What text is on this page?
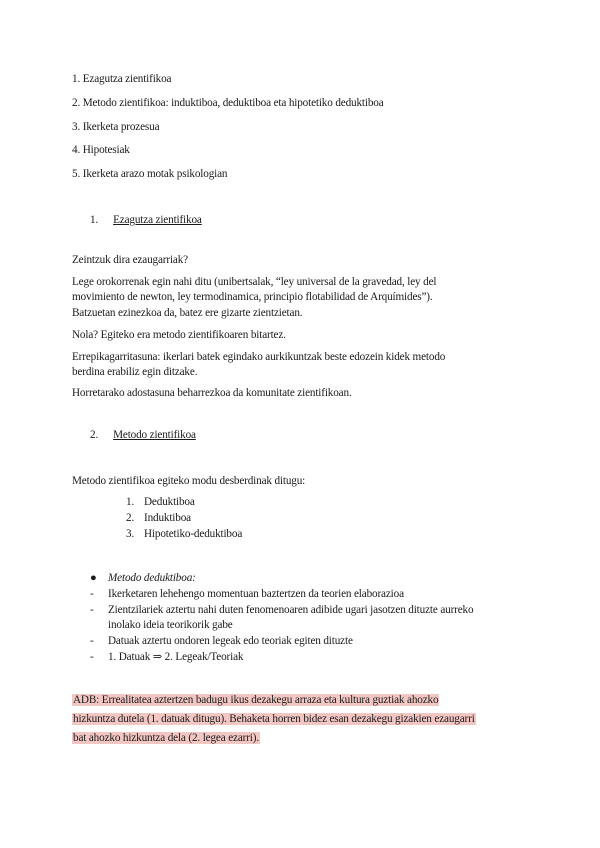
1. Ezagutza zientifikoa
2. Metodo zientifikoa: induktiboa, deduktiboa eta hipotetiko deduktiboa
3. Ikerketa prozesua
4. Hipotesiak
5. Ikerketa arazo motak psikologian
1. Ezagutza zientifikoa
Zeintzuk dira ezaugarriak?
Lege orokorrenak egin nahi ditu (unibertsalak, “ley universal de la gravedad, ley del
movimiento de newton, ley termodinamica, principio flotabilidad de Arquímides”).
Batzuetan ezinezkoa da, batez ere gizarte zientzietan.
Nola? Egiteko era metodo zientifikoaren bitartez.
Errepikagarritasuna: ikerlari batek egindako aurkikuntzak beste edozein kidek metodo
berdina erabiliz egin ditzake.
Horretarako adostasuna beharrezkoa da komunitate zientifikoan.
2. Metodo zientifikoa
Metodo zientifikoa egiteko modu desberdinak ditugu:
1. Deduktiboa
2. Induktiboa
3. Hipotetiko-deduktiboa
● Metodo deduktiboa:
- Ikerketaren lehehengo momentuan baztertzen da teorien elaborazioa
- Zientzilariek aztertu nahi duten fenomenoaren adibide ugari jasotzen dituzte aurreko
inolako ideia teorikorik gabe
- Datuak aztertu ondoren legeak edo teoriak egiten dituzte
- 1. Datuak ⇒ 2. Legeak/Teoriak
ADB: Errealitatea aztertzen badugu ikus dezakegu arraza eta kultura guztiak ahozko
hizkuntza dutela (1. datuak ditugu). Behaketa horren bidez esan dezakegu gizakien ezaugarri
bat ahozko hizkuntza dela (2. legea ezarri).
